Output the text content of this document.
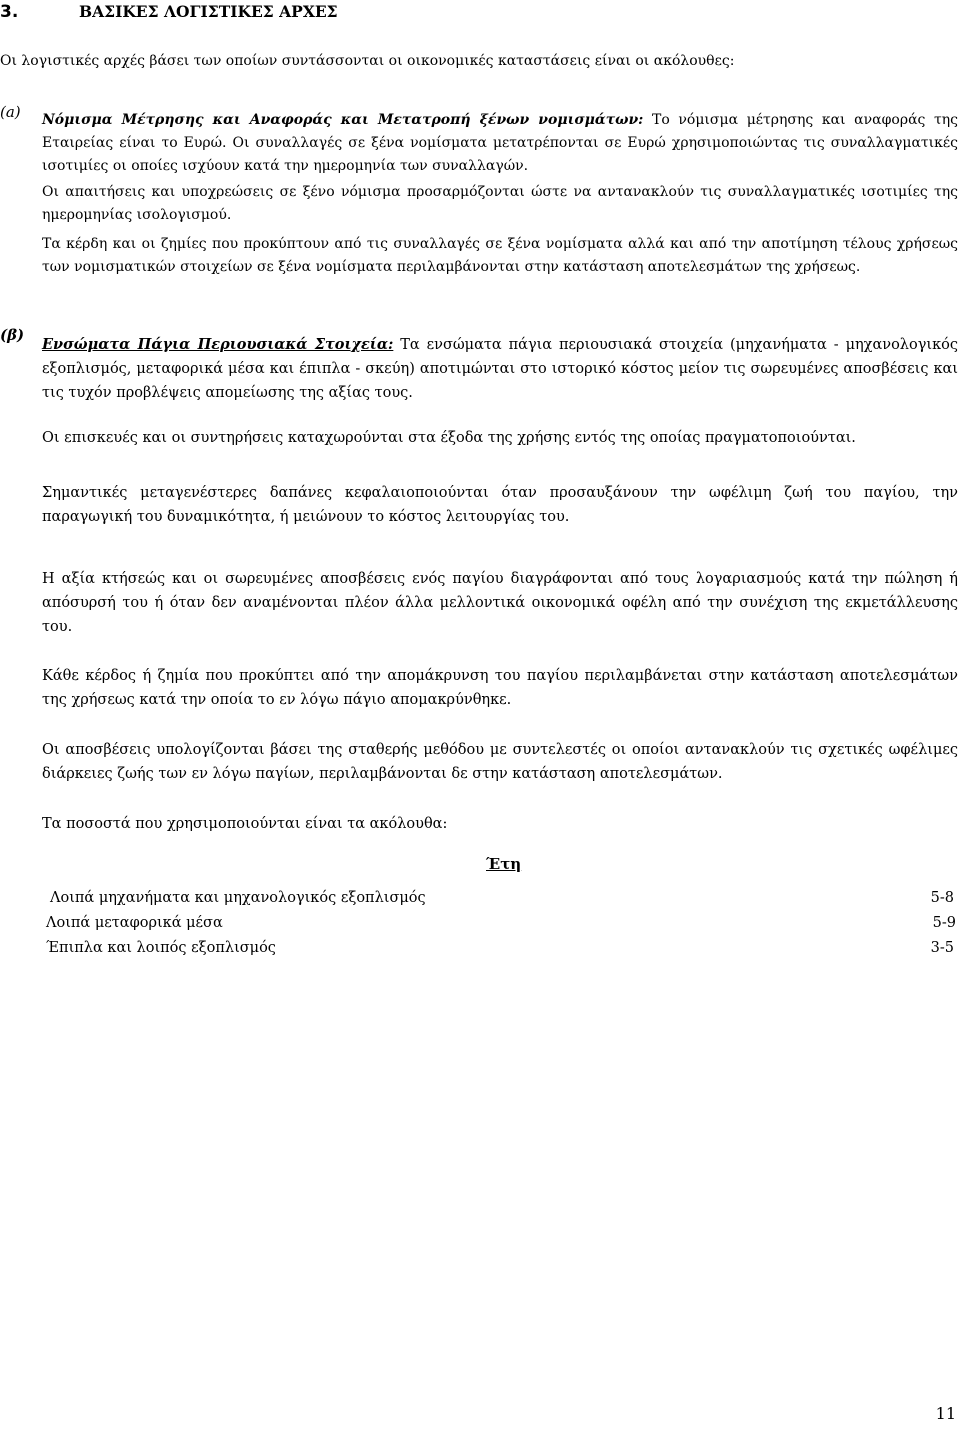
3.	ΒΑΣΙΚΕΣ ΛΟΓΙΣΤΙΚΕΣ ΑΡΧΕΣ

Οι λογιστικές αρχές βάσει των οποίων συντάσσονται οι οικονομικές καταστάσεις είναι οι ακόλουθες:

(a) Νόμισμα Μέτρησης και Αναφοράς και Μετατροπή ξένων νομισμάτων: Το νόμισμα μέτρησης και αναφοράς της Εταιρείας είναι το Ευρώ. Οι συναλλαγές σε ξένα νομίσματα μετατρέπονται σε Ευρώ χρησιμοποιώντας τις συναλλαγματικές ισοτιμίες οι οποίες ισχύουν κατά την ημερομηνία των συναλλαγών.

Οι απαιτήσεις και υποχρεώσεις σε ξένο νόμισμα προσαρμόζονται ώστε να αντανακλούν τις συναλλαγματικές ισοτιμίες της ημερομηνίας ισολογισμού.

Τα κέρδη και οι ζημίες που προκύπτουν από τις συναλλαγές σε ξένα νομίσματα αλλά και από την αποτίμηση τέλους χρήσεως των νομισματικών στοιχείων σε ξένα νομίσματα περιλαμβάνονται στην κατάσταση αποτελεσμάτων της χρήσεως.

(β)

Ενσώματα Πάγια Περιουσιακά Στοιχεία: Τα ενσώματα πάγια περιουσιακά στοιχεία (μηχανήματα - μηχανολογικός εξοπλισμός, μεταφορικά μέσα και έπιπλα - σκεύη) αποτιμώνται στο ιστορικό κόστος μείον τις σωρευμένες αποσβέσεις και τις τυχόν προβλέψεις απομείωσης της αξίας τους.

Οι επισκευές και οι συντηρήσεις καταχωρούνται στα έξοδα της χρήσης εντός της οποίας πραγματοποιούνται.

Σημαντικές μεταγενέστερες δαπάνες κεφαλαιοποιούνται όταν προσαυξάνουν την ωφέλιμη ζωή του παγίου, την παραγωγική του δυναμικότητα, ή μειώνουν το κόστος λειτουργίας του.

Η αξία κτήσεώς και οι σωρευμένες αποσβέσεις ενός παγίου διαγράφονται από τους λογαριασμούς κατά την πώληση ή απόσυρσή του ή όταν δεν αναμένονται πλέον άλλα μελλοντικά οικονομικά οφέλη από την συνέχιση της εκμετάλλευσης του.

Κάθε κέρδος ή ζημία που προκύπτει από την απομάκρυνση του παγίου περιλαμβάνεται στην κατάσταση αποτελεσμάτων της χρήσεως κατά την οποία το εν λόγω πάγιο απομακρύνθηκε.

Οι αποσβέσεις υπολογίζονται βάσει της σταθερής μεθόδου με συντελεστές οι οποίοι αντανακλούν τις σχετικές ωφέλιμες διάρκειες ζωής των εν λόγω παγίων, περιλαμβάνονται δε στην κατάσταση αποτελεσμάτων.

Τα ποσοστά που χρησιμοποιούνται είναι τα ακόλουθα:

Έτη
Λοιπά μηχανήματα και μηχανολογικός εξοπλισμός	5-8
Λοιπά μεταφορικά μέσα	5-9
Έπιπλα και λοιπός εξοπλισμός	3-5
11
